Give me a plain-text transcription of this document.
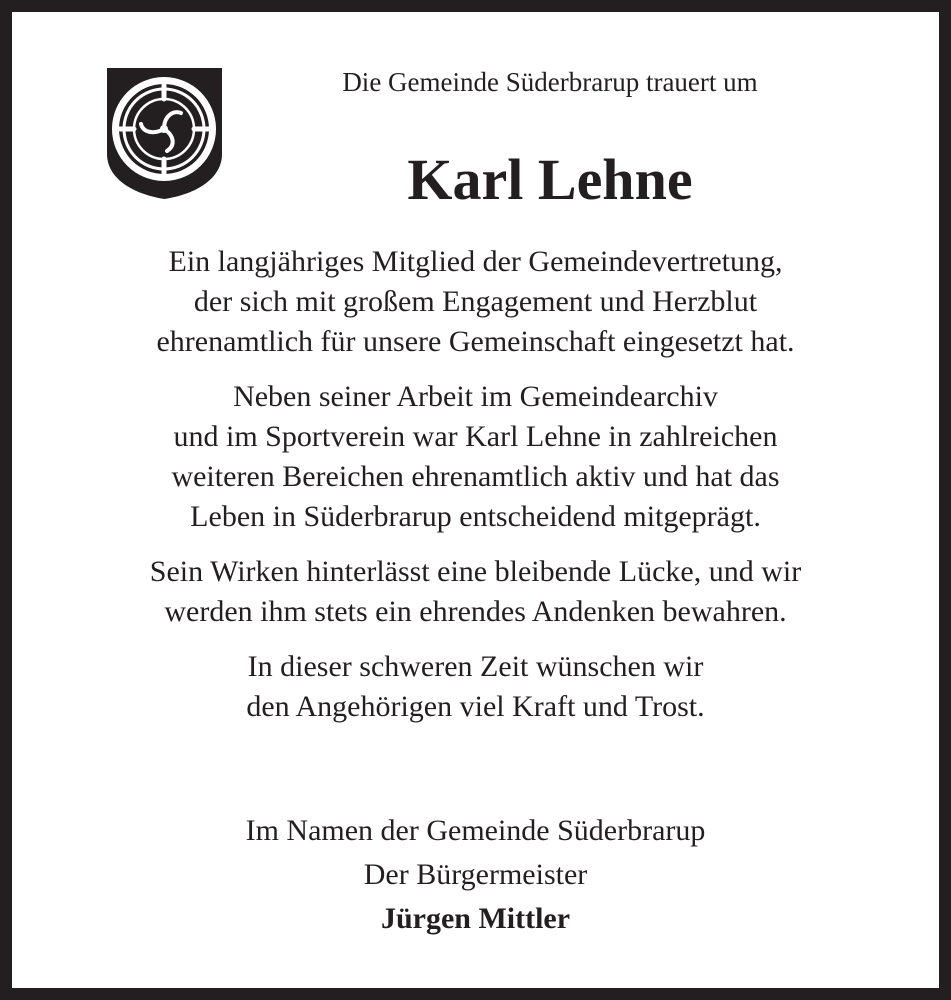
Die Gemeinde Süderbrarup trauert um
Karl Lehne
Ein langjähriges Mitglied der Gemeindevertretung,
der sich mit großem Engagement und Herzblut
ehrenamtlich für unsere Gemeinschaft eingesetzt hat.
Neben seiner Arbeit im Gemeindearchiv
und im Sportverein war Karl Lehne in zahlreichen
weiteren Bereichen ehrenamtlich aktiv und hat das
Leben in Süderbrarup entscheidend mitgeprägt.
Sein Wirken hinterlässt eine bleibende Lücke, und wir
werden ihm stets ein ehrendes Andenken bewahren.
In dieser schweren Zeit wünschen wir
den Angehörigen viel Kraft und Trost.
Im Namen der Gemeinde Süderbrarup
Der Bürgermeister
Jürgen Mittler
